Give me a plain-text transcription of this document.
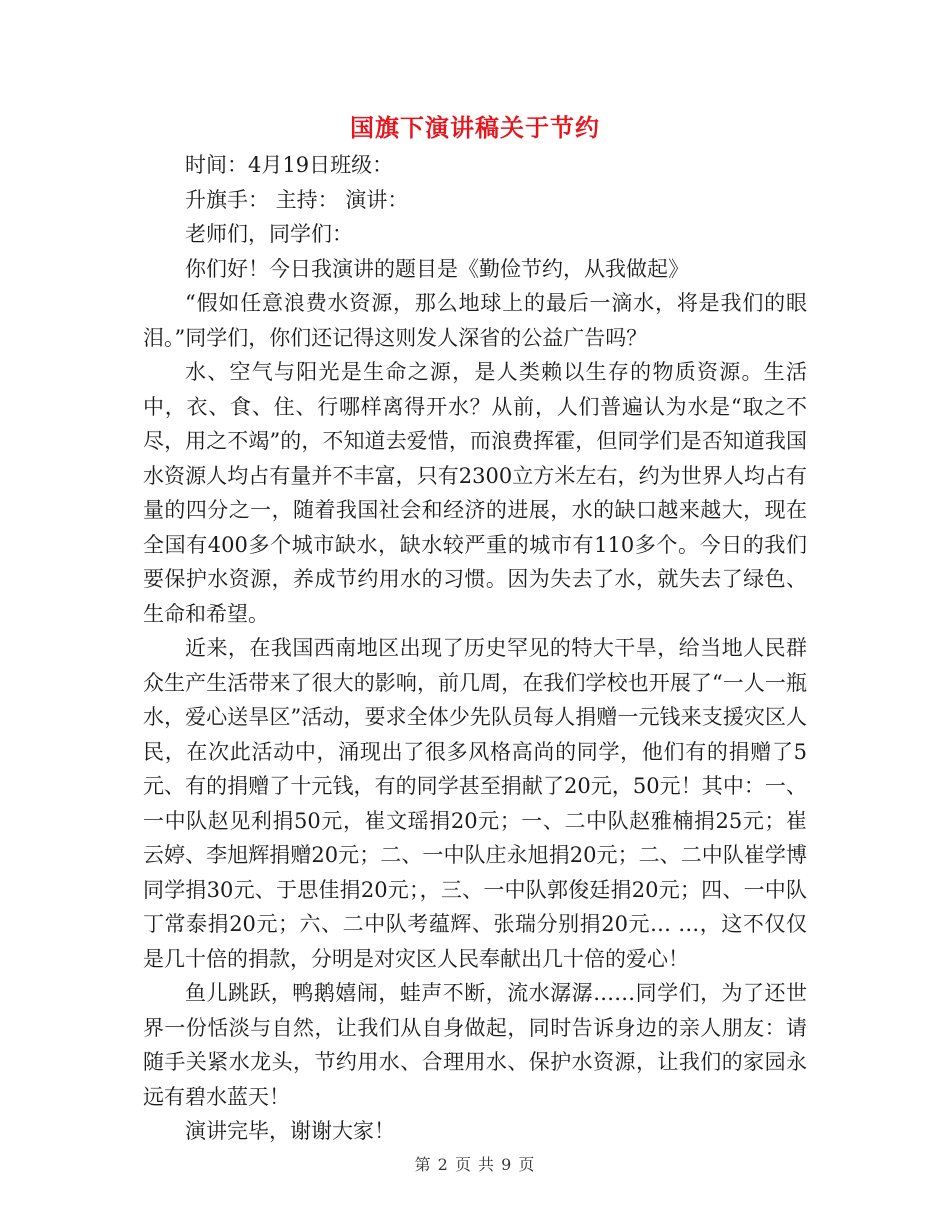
国旗下演讲稿关于节约

时间：4月19日班级：

升旗手： 主持： 演讲：

老师们，同学们：

你们好！今日我演讲的题目是《勤俭节约，从我做起》

“假如任意浪费水资源，那么地球上的最后一滴水，将是我们的眼泪。”同学们，你们还记得这则发人深省的公益广告吗？

水、空气与阳光是生命之源，是人类赖以生存的物质资源。生活中，衣、食、住、行哪样离得开水？从前，人们普遍认为水是“取之不尽，用之不竭”的，不知道去爱惜，而浪费挥霍，但同学们是否知道我国水资源人均占有量并不丰富，只有2300立方米左右，约为世界人均占有量的四分之一，随着我国社会和经济的进展，水的缺口越来越大，现在全国有400多个城市缺水，缺水较严重的城市有110多个。今日的我们要保护水资源，养成节约用水的习惯。因为失去了水，就失去了绿色、生命和希望。

近来，在我国西南地区出现了历史罕见的特大干旱，给当地人民群众生产生活带来了很大的影响，前几周，在我们学校也开展了“一人一瓶水，爱心送旱区”活动，要求全体少先队员每人捐赠一元钱来支援灾区人民，在次此活动中，涌现出了很多风格高尚的同学，他们有的捐赠了5元、有的捐赠了十元钱，有的同学甚至捐献了20元，50元！其中：一、一中队赵见利捐50元，崔文瑶捐20元；一、二中队赵雅楠捐25元；崔云婷、李旭辉捐赠20元；二、一中队庄永旭捐20元；二、二中队崔学博同学捐30元、于思佳捐20元；，三、一中队郭俊廷捐20元；四、一中队丁常泰捐20元；六、二中队考蕴辉、张瑞分别捐20元… …，这不仅仅是几十倍的捐款，分明是对灾区人民奉献出几十倍的爱心！

鱼儿跳跃，鸭鹅嬉闹，蛙声不断，流水潺潺……同学们，为了还世界一份恬淡与自然，让我们从自身做起，同时告诉身边的亲人朋友：请随手关紧水龙头，节约用水、合理用水、保护水资源，让我们的家园永远有碧水蓝天！

演讲完毕，谢谢大家！

第 2 页 共 9 页
